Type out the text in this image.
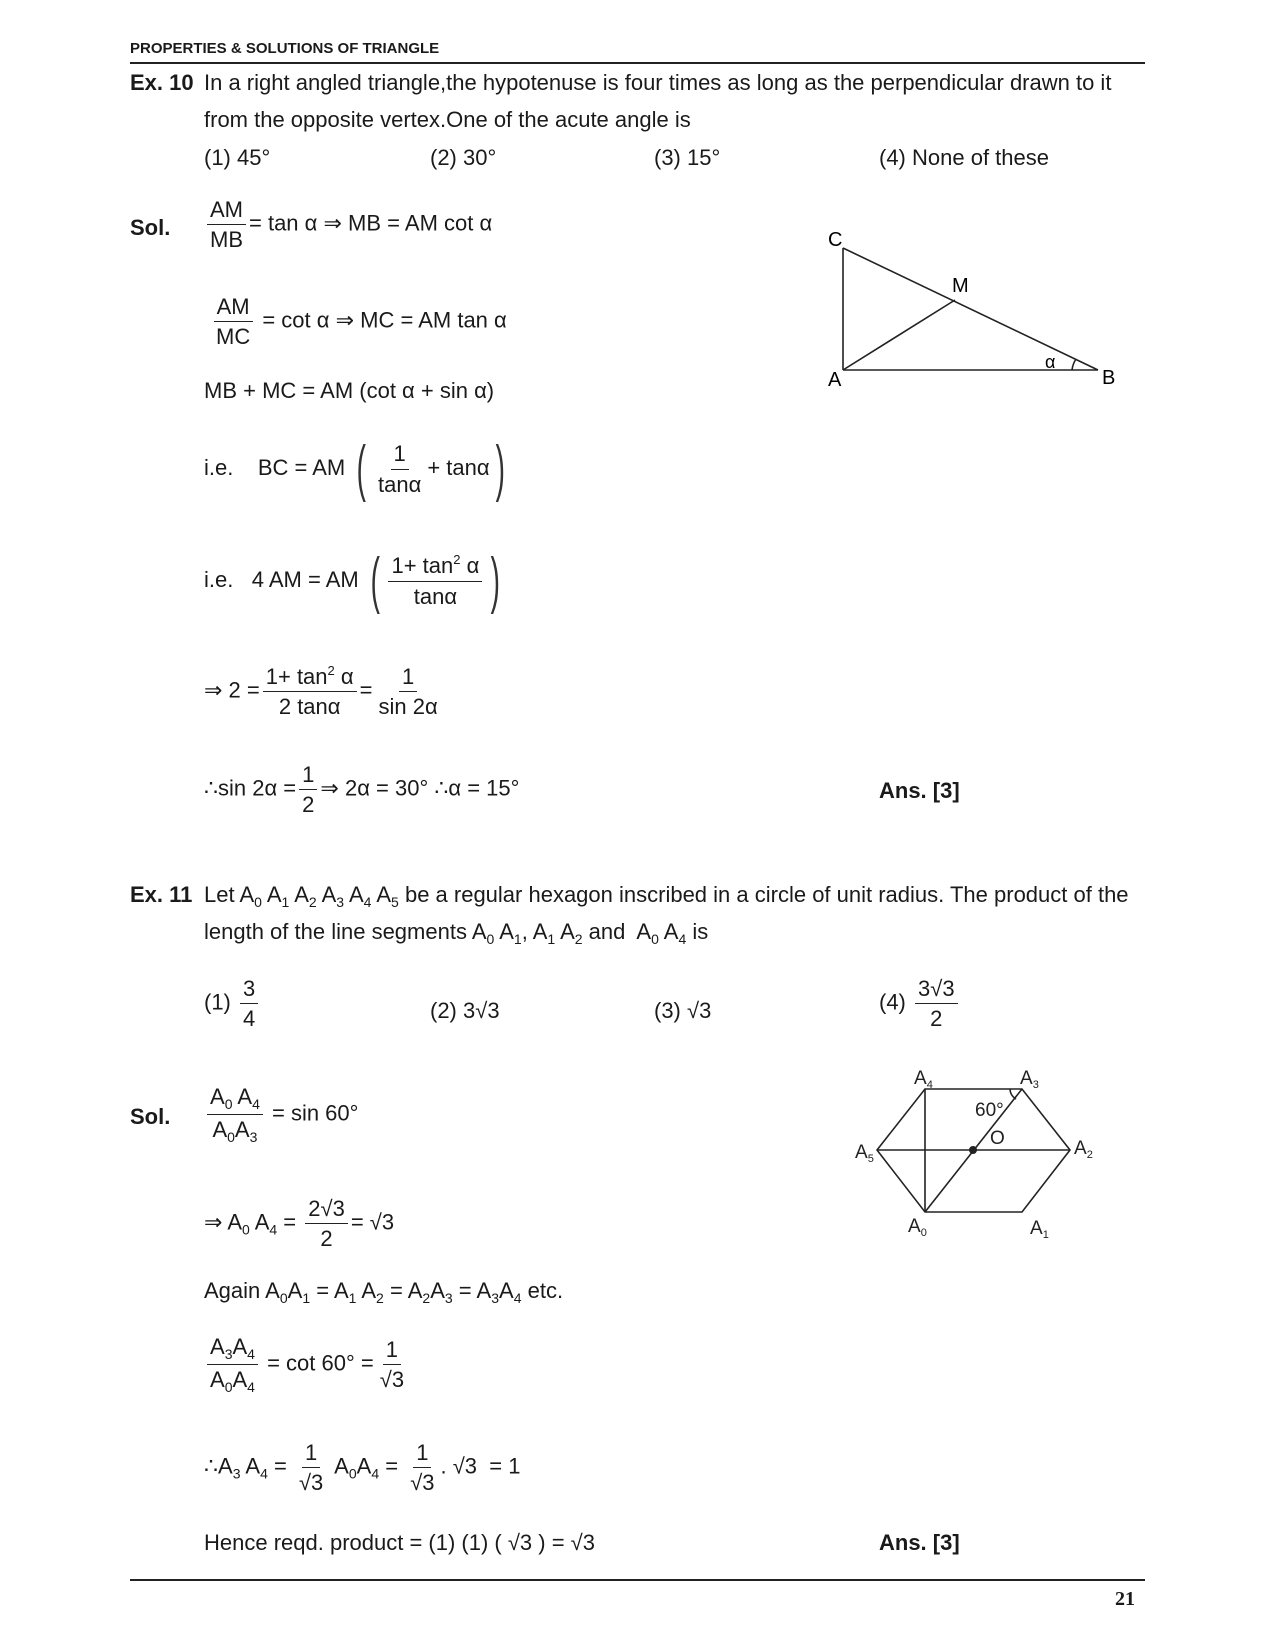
PROPERTIES & SOLUTIONS OF TRIANGLE
Ex. 10 In a right angled triangle,the hypotenuse is four times as long as the perpendicular drawn to it
from the opposite vertex.One of the acute angle is
(1) 45°	(2) 30°	(3) 15°	(4) None of these
Sol. $\frac{AM}{MB} = \tan \alpha$ ⇒ MB = AM cot α
$\frac{AM}{MC} = \cot \alpha$ ⇒ MC = AM tan α
MB + MC = AM (cot α + sin α)
i.e. BC = AM ( $\frac{1}{\tan\alpha} + \tan\alpha$)
i.e. 4 AM = AM ( $\frac{1+ \tan^2 \alpha}{\tan\alpha}$ )
⇒ $2 = \frac{1+ \tan^2 \alpha}{2 \tan\alpha} = \frac{1}{\sin 2\alpha}$
∴sin $2\alpha = \frac{1}{2}$ ⇒ 2α = 30° ∴α = 15°	Ans. [3]
C
M
A	B
α
Ex. 11 Let $A_0$ $A_1$ $A_2$ $A_3$ $A_4$ $A_5$ be a regular hexagon inscribed in a circle of unit radius. The product of the
length of the line segments $A_0$ $A_1$, $A_1$ $A_2$ and  $A_0$ $A_4$ is
$(1) \frac{3}{4}$	(2) 3√3	(3) √3	$(4) \frac{3√3}{2}$
Sol. $\frac{A_0 A_4}{A_0A_3} = \sin 60^\circ$
⇒ $A_0$ $A_4 = \frac{2√3}{2} = √3$
Again $A_0A_1 = A_1$ $A_2 = A_2A_3 = A_3A_4$ etc.
$\frac{A_3A_4}{A_0A_4} = \cot 60^\circ = \frac{1}{√3}$
$\therefore A_3$ $A_4 = \frac{1}{√3} A_0A_4 = \frac{1}{√3}$ . √3  = 1
Hence reqd. product = (1) (1) ( √3 ) = √3	Ans. [3]
$A_4$	$A_3$
$A_2$
$A_1$
$A_0$
$A_5$
60°
O
21
